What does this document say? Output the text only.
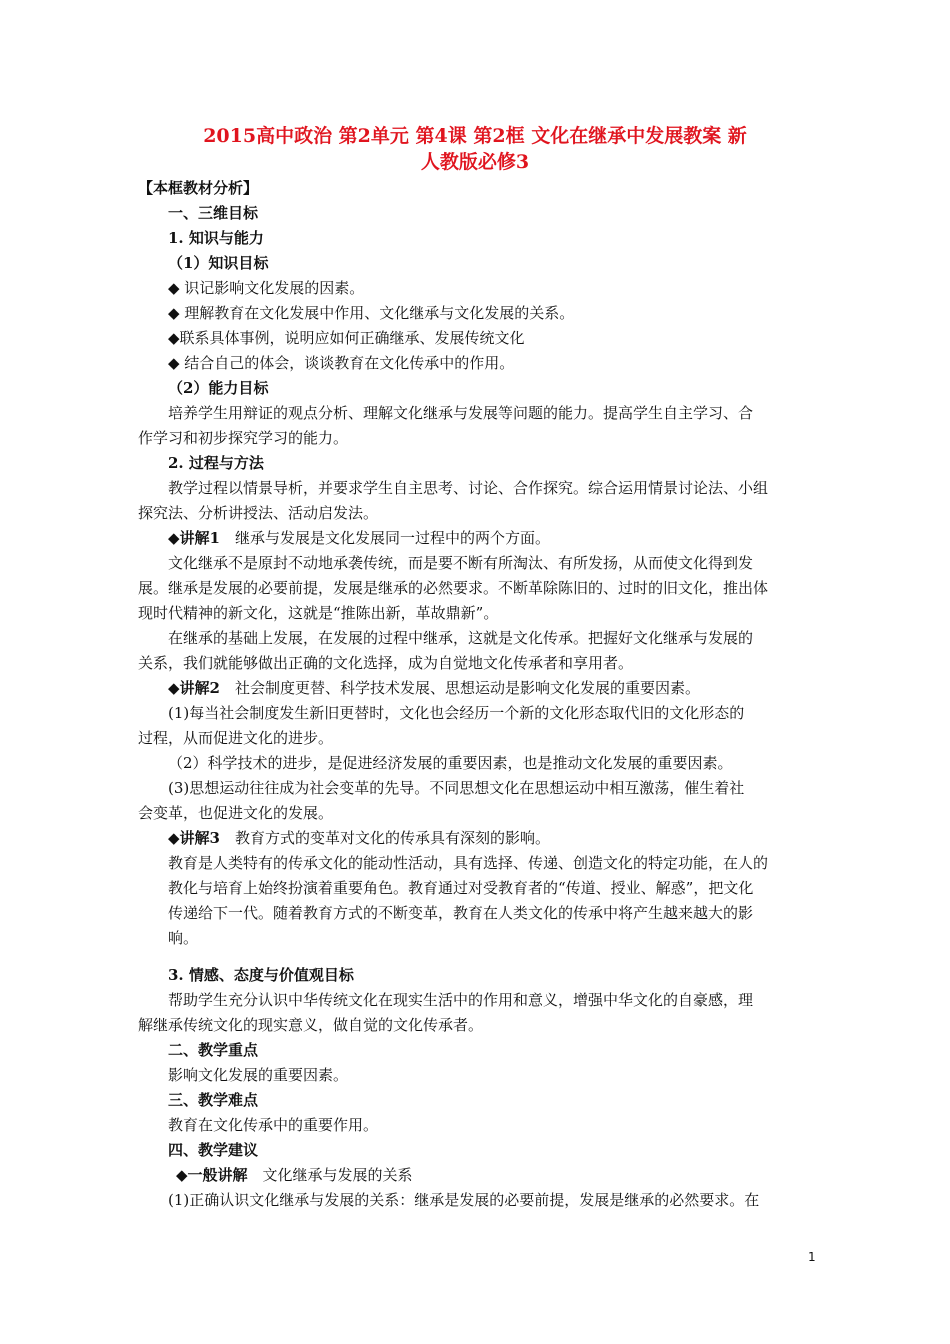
2015高中政治 第2单元 第4课 第2框 文化在继承中发展教案 新
人教版必修3
【本框教材分析】
一、三维目标
1. 知识与能力
（1）知识目标
◆ 识记影响文化发展的因素。
◆ 理解教育在文化发展中作用、文化继承与文化发展的关系。
◆联系具体事例，说明应如何正确继承、发展传统文化
◆ 结合自己的体会，谈谈教育在文化传承中的作用。
（2）能力目标
培养学生用辩证的观点分析、理解文化继承与发展等问题的能力。提高学生自主学习、合
作学习和初步探究学习的能力。
2. 过程与方法
教学过程以情景导析，并要求学生自主思考、讨论、合作探究。综合运用情景讨论法、小组
探究法、分析讲授法、活动启发法。
◆讲解1　继承与发展是文化发展同一过程中的两个方面。
文化继承不是原封不动地承袭传统，而是要不断有所淘汰、有所发扬，从而使文化得到发
展。继承是发展的必要前提，发展是继承的必然要求。不断革除陈旧的、过时的旧文化，推出体
现时代精神的新文化，这就是“推陈出新，革故鼎新”。
在继承的基础上发展，在发展的过程中继承，这就是文化传承。把握好文化继承与发展的
关系，我们就能够做出正确的文化选择，成为自觉地文化传承者和享用者。
◆讲解2　社会制度更替、科学技术发展、思想运动是影响文化发展的重要因素。
(1)每当社会制度发生新旧更替时，文化也会经历一个新的文化形态取代旧的文化形态的
过程，从而促进文化的进步。
（2）科学技术的进步，是促进经济发展的重要因素，也是推动文化发展的重要因素。
(3)思想运动往往成为社会变革的先导。不同思想文化在思想运动中相互激荡，催生着社
会变革，也促进文化的发展。
◆讲解3　教育方式的变革对文化的传承具有深刻的影响。
教育是人类特有的传承文化的能动性活动，具有选择、传递、创造文化的特定功能，在人的
教化与培育上始终扮演着重要角色。教育通过对受教育者的“传道、授业、解惑”，把文化
传递给下一代。随着教育方式的不断变革，教育在人类文化的传承中将产生越来越大的影
响。
3. 情感、态度与价值观目标
帮助学生充分认识中华传统文化在现实生活中的作用和意义，增强中华文化的自豪感，理
解继承传统文化的现实意义，做自觉的文化传承者。
二、教学重点
影响文化发展的重要因素。
三、教学难点
教育在文化传承中的重要作用。
四、教学建议
◆一般讲解　文化继承与发展的关系
(1)正确认识文化继承与发展的关系：继承是发展的必要前提，发展是继承的必然要求。在
1
